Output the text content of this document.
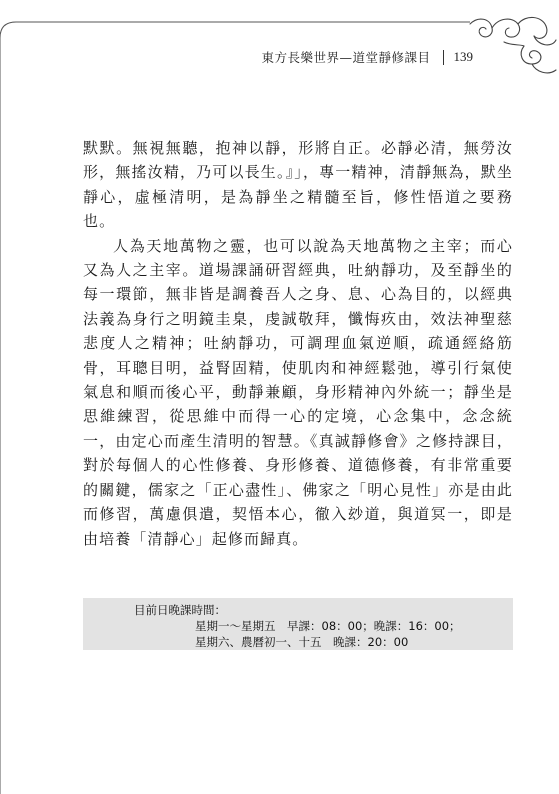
東方長樂世界—道堂靜修課目 139

默默。無視無聽，抱神以靜，形將自正。必靜必清，無勞汝形，無搖汝精，乃可以長生。』」，專一精神，清靜無為，默坐靜心，虛極清明，是為靜坐之精髓至旨，修性悟道之要務也。

人為天地萬物之靈，也可以說為天地萬物之主宰；而心又為人之主宰。道場課誦研習經典，吐納靜功，及至靜坐的每一環節，無非皆是調養吾人之身、息、心為目的，以經典法義為身行之明鏡圭臬，虔誠敬拜，懺悔疚由，效法神聖慈悲度人之精神；吐納靜功，可調理血氣逆順，疏通經絡筋骨，耳聰目明，益腎固精，使肌肉和神經鬆弛，導引行氣使氣息和順而後心平，動靜兼顧，身形精神內外統一；靜坐是思維練習，從思維中而得一心的定境，心念集中，念念統一，由定心而產生清明的智慧。《真誠靜修會》之修持課目，對於每個人的心性修養、身形修養、道德修養，有非常重要的關鍵，儒家之「正心盡性」、佛家之「明心見性」亦是由此而修習，萬慮俱遣，契悟本心，徹入玅道，與道冥一，即是由培養「清靜心」起修而歸真。

目前日晚課時間：
星期一～星期五　早課：08：00；晚課：16：00；
星期六、農曆初一、十五　晚課：20：00
